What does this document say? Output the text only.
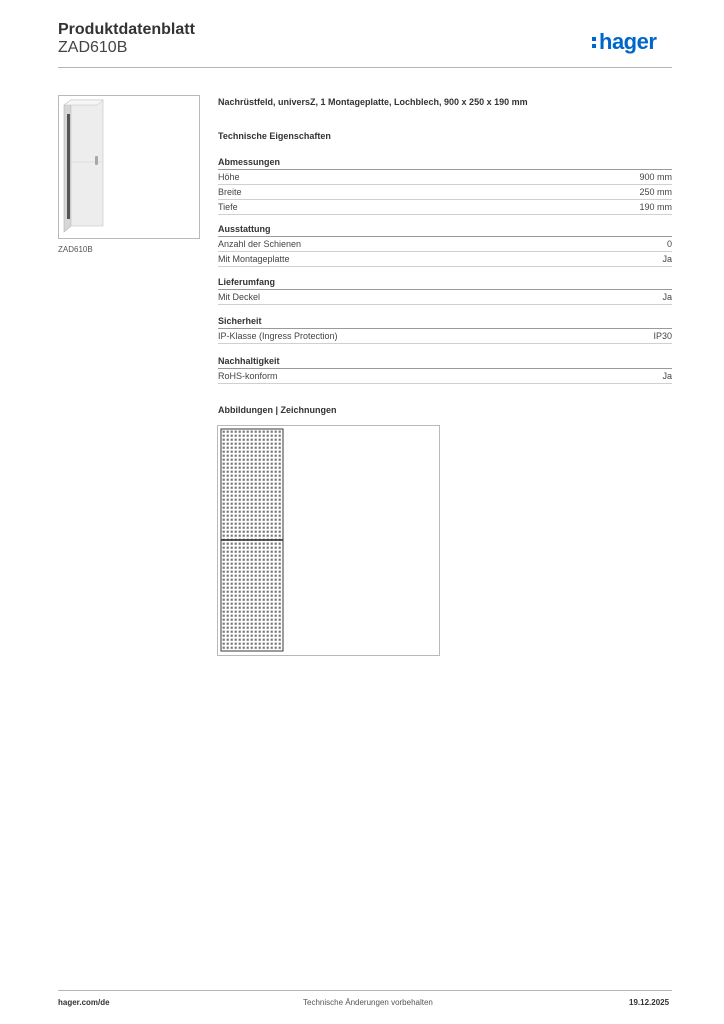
Produktdatenblatt
ZAD610B	hager
ZAD610B
Nachrüstfeld, universZ, 1 Montageplatte, Lochblech, 900 x 250 x 190 mm
Technische Eigenschaften
Abmessungen
Höhe	900 mm
Breite	250 mm
Tiefe	190 mm
Ausstattung
Anzahl der Schienen	0
Mit Montageplatte	Ja
Lieferumfang
Mit Deckel	Ja
Sicherheit
IP-Klasse (Ingress Protection)	IP30
Nachhaltigkeit
RoHS-konform	Ja
Abbildungen | Zeichnungen
hager.com/de	Technische Änderungen vorbehalten	19.12.2025
